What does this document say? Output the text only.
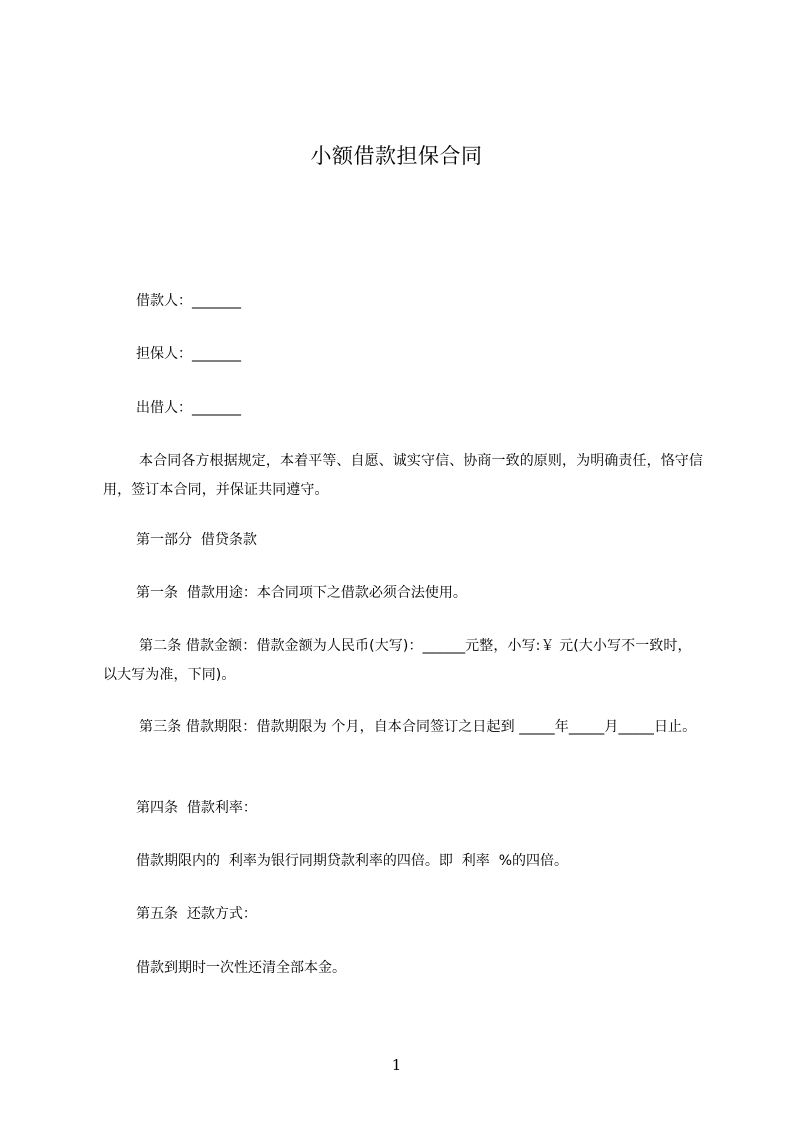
小额借款担保合同
借款人：_______
担保人：_______
出借人：_______
本合同各方根据规定，本着平等、自愿、诚实守信、协商一致的原则，为明确责任，恪守信用，签订本合同，并保证共同遵守。
第一部分  借贷条款
第一条  借款用途：本合同项下之借款必须合法使用。
第二条 借款金额：借款金额为人民币(大写)：______元整，小写:￥ 元(大小写不一致时，以大写为准，下同)。
第三条 借款期限：借款期限为 个月，自本合同签订之日起到 _____年_____月_____日止。
第四条  借款利率：
借款期限内的  利率为银行同期贷款利率的四倍。即  利率  %的四倍。
第五条  还款方式：
借款到期时一次性还清全部本金。
1
